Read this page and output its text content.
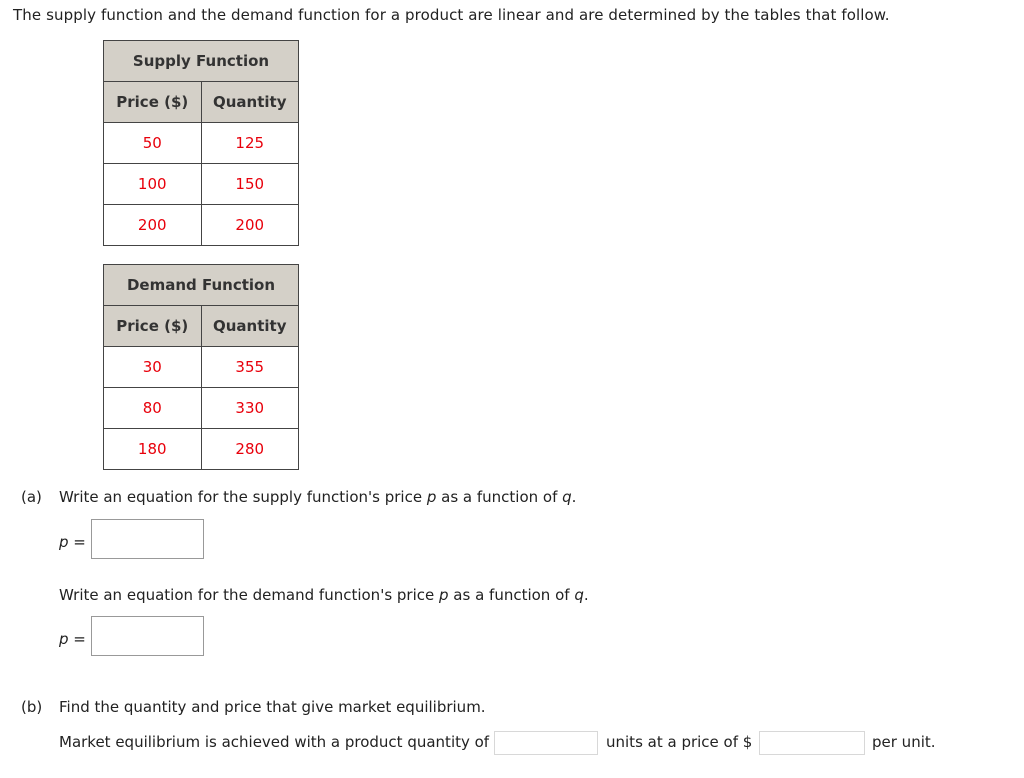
The supply function and the demand function for a product are linear and are determined by the tables that follow.
Supply Function	
Price ($)	Quantity
50	125
100	150
200	200
Demand Function	
Price ($)	Quantity
30	355
80	330
180	280
(a) Write an equation for the supply function's price p as a function of q.
p =
Write an equation for the demand function's price p as a function of q.
p =
(b) Find the quantity and price that give market equilibrium.
Market equilibrium is achieved with a product quantity of	units at a price of $	per unit.
